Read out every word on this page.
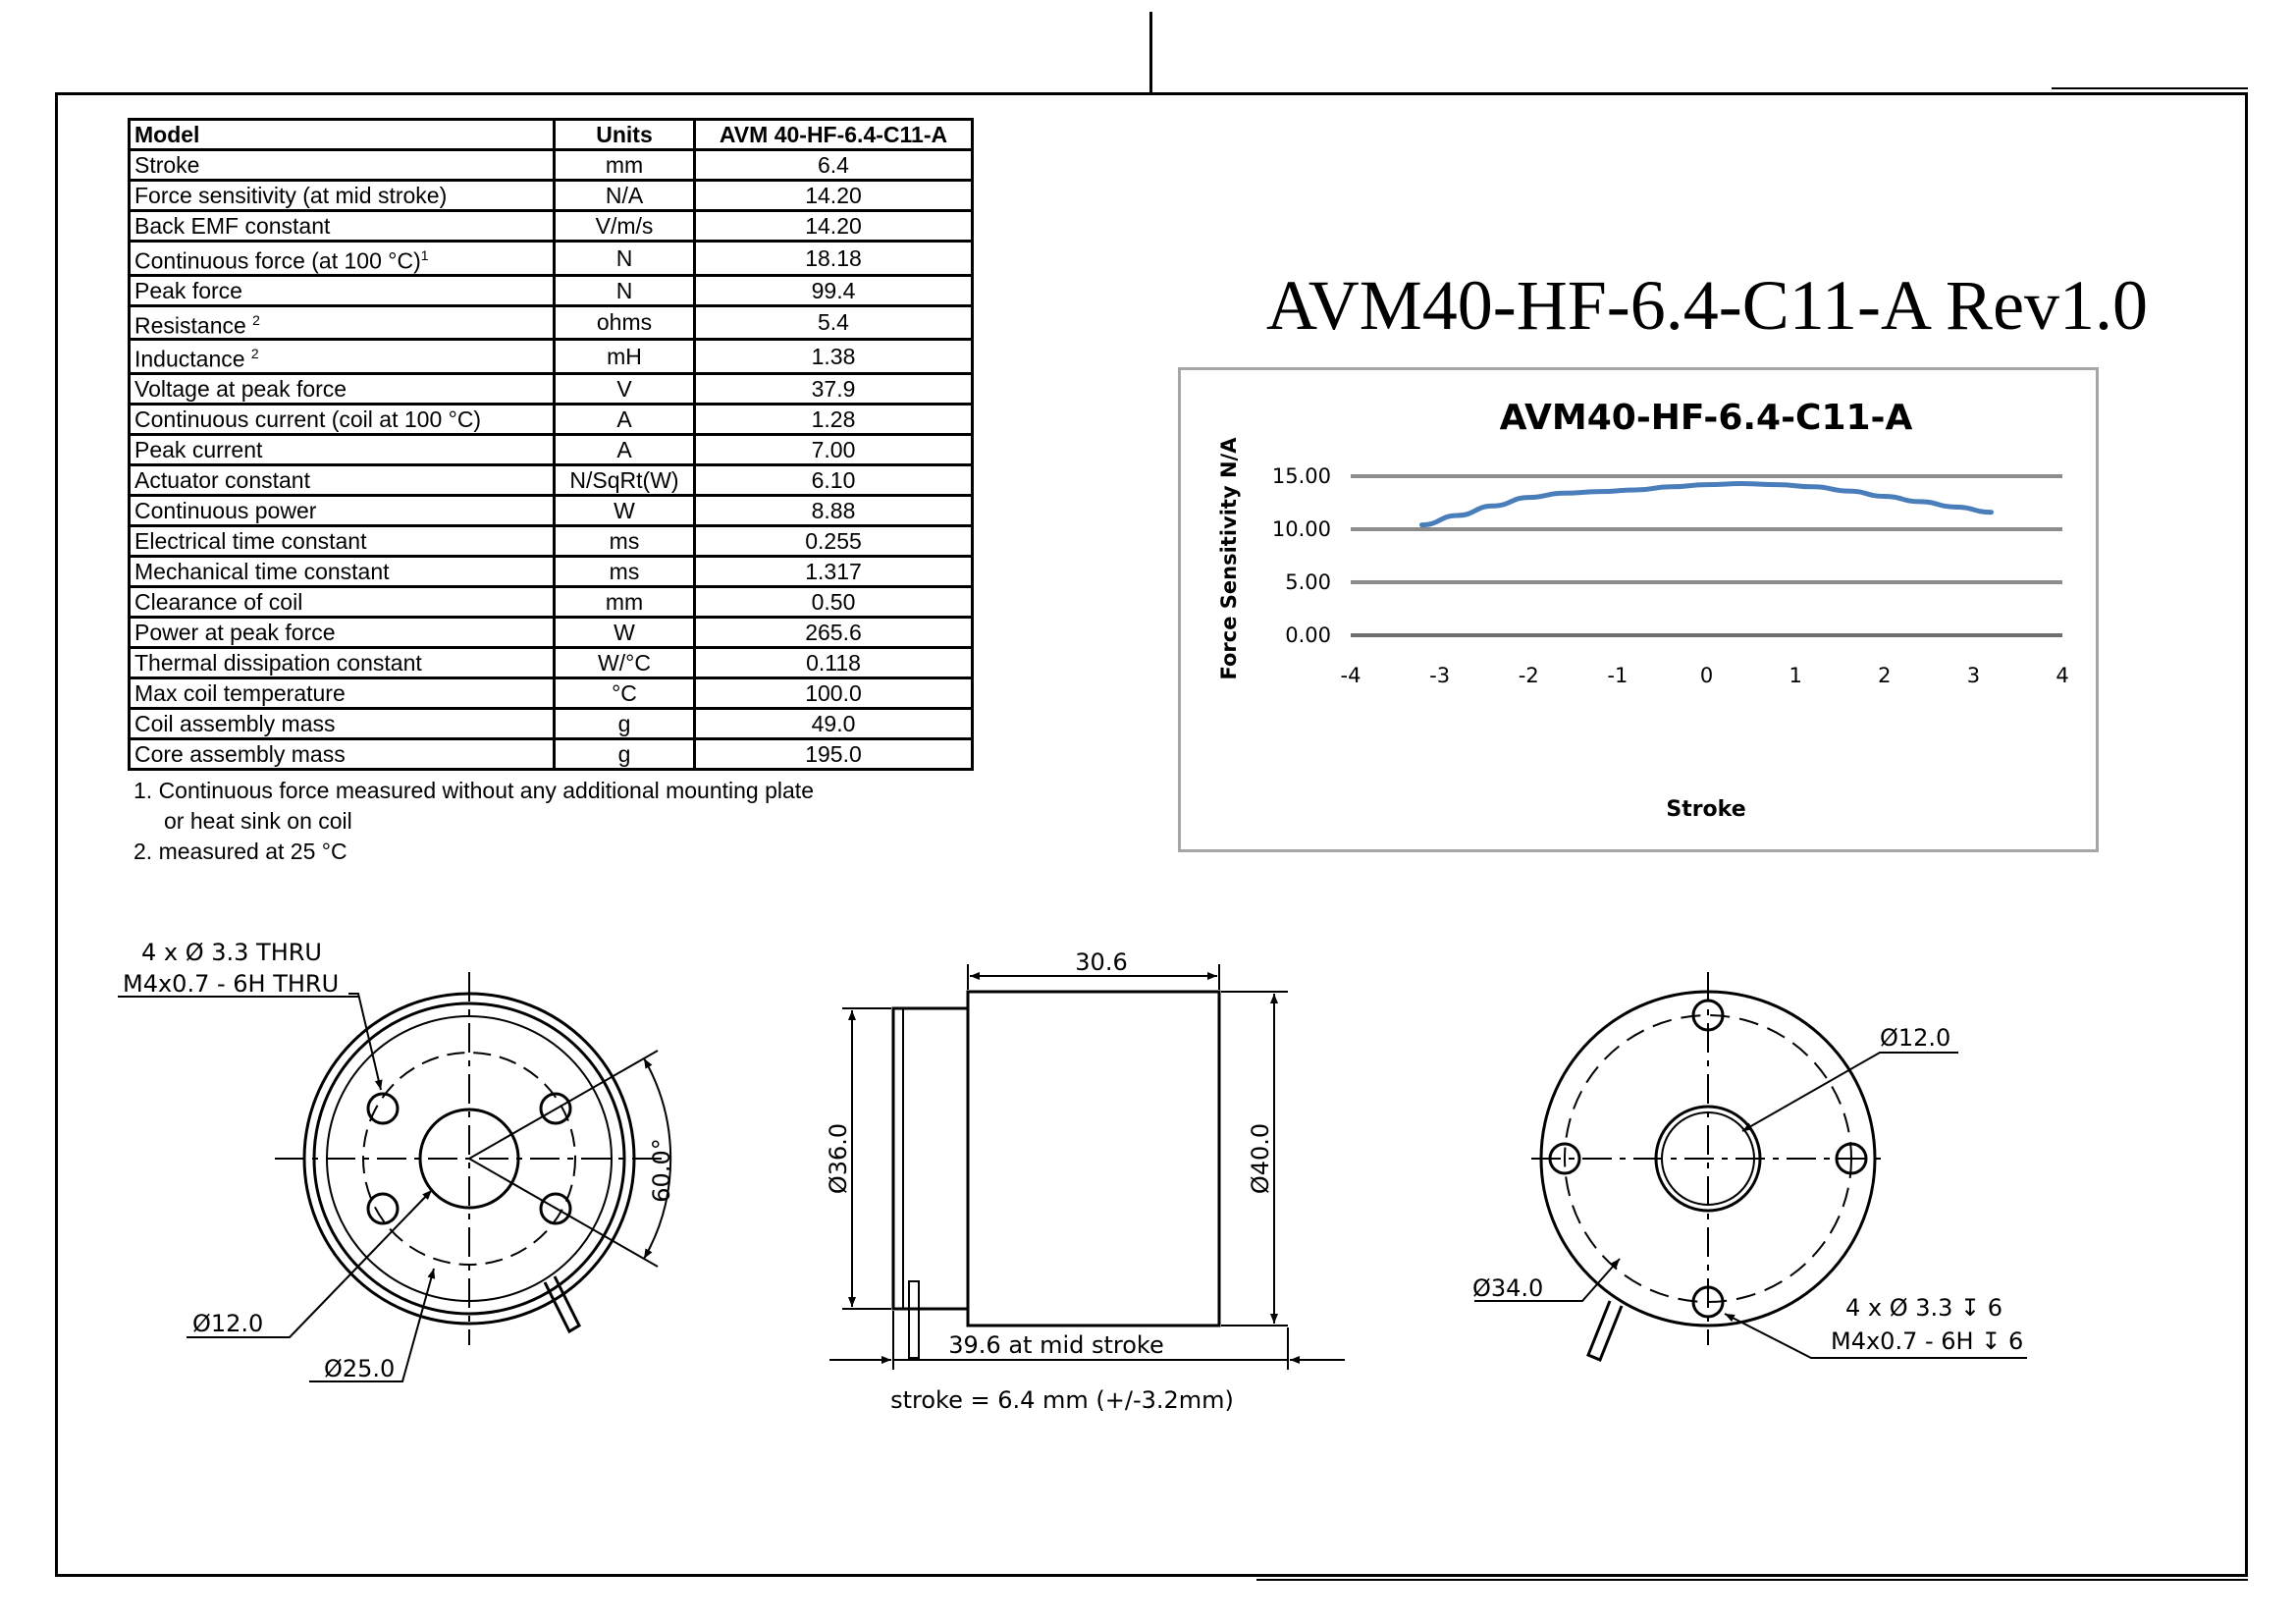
Model	Units	AVM 40-HF-6.4-C11-A
Stroke	mm	6.4
Force sensitivity (at mid stroke)	N/A	14.20
Back EMF constant	V/m/s	14.20
Continuous force (at 100 °C)$^1$	N	18.18
Peak force	N	99.4
Resistance $^2$	ohms	5.4
Inductance $^2$	mH	1.38
Voltage at peak force	V	37.9
Continuous current (coil at 100 °C)	A	1.28
Peak current	A	7.00
Actuator constant	N/SqRt(W)	6.10
Continuous power	W	8.88
Electrical time constant	ms	0.255
Mechanical time constant	ms	1.317
Clearance of coil	mm	0.50
Power at peak force	W	265.6
Thermal dissipation constant	W/°C	0.118
Max coil temperature	°C	100.0
Coil assembly mass	g	49.0
Core assembly mass	g	195.0
1. Continuous force measured without any additional mounting plate
or heat sink on coil
2. measured at 25 °C
AVM40-HF-6.4-C11-A Rev1.0
AVM40-HF-6.4-C11-A
0.00
5.00
10.00
15.00
-4	-3	-2	-1	0	1	2	3	4
Stroke
Force Sensitivity N/A
4 x Ø 3.3 THRU
M4x0.7 - 6H THRU
60.0°
Ø12.0
Ø25.0
30.6
Ø36.0	Ø40.0
39.6 at mid stroke
stroke = 6.4 mm (+/-3.2mm)
Ø12.0
Ø34.0
4 x Ø 3.3 ↧ 6
M4x0.7 - 6H ↧ 6
